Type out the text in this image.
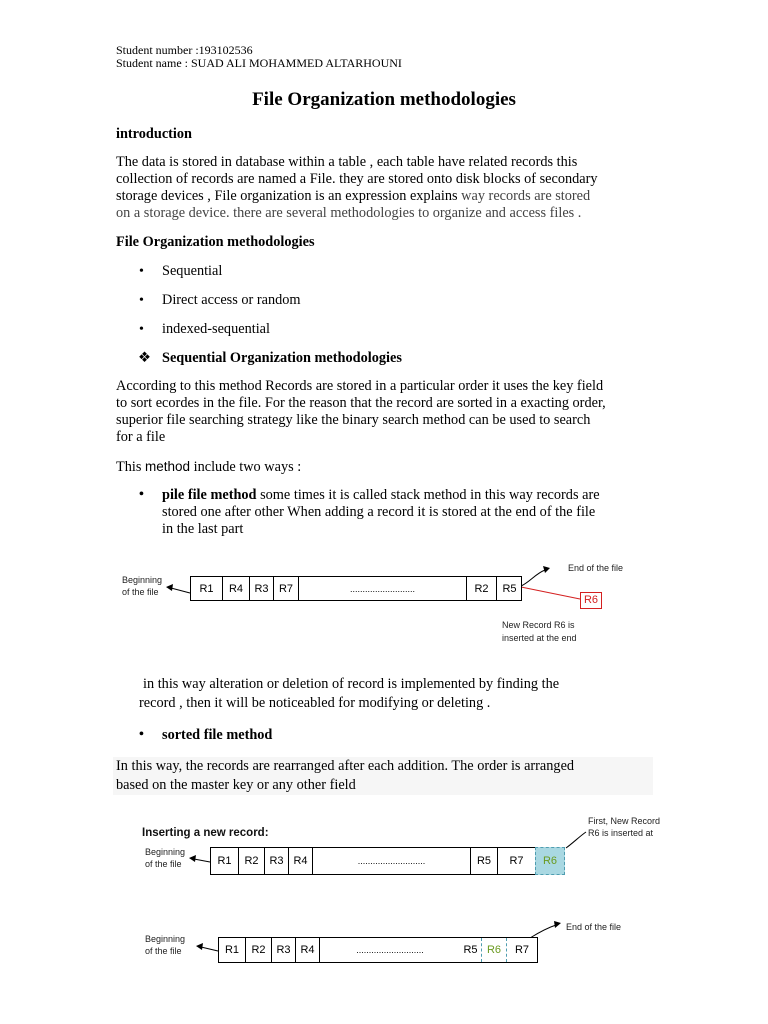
Student number :193102536
Student name : SUAD ALI MOHAMMED ALTARHOUNI
File Organization methodologies
introduction
The data is stored in database within a table , each table have related records this
collection of records are named a File. they are stored onto disk blocks of secondary
storage devices , File organization is an expression explains way records are stored
on a storage device. there are several methodologies to organize and access files .
File Organization methodologies
• Sequential
• Direct access or random
• indexed-sequential
❖ Sequential Organization methodologies
According to this method Records are stored in a particular order it uses the key field
to sort ecordes in the file. For the reason that the record are sorted in a exacting order,
superior file searching strategy like the binary search method can be used to search
for a file
This method include two ways :
• pile file method some times it is called stack method in this way records are
stored one after other When adding a record it is stored at the end of the file
in the last part
Beginning
of the file	R1	R4	R3 R7	..........................	R2	R5
End of the file
R6
New Record R6 is
inserted at the end
in this way alteration or deletion of record is implemented by finding the
record , then it will be noticeabled for modifying or deleting .
• sorted file method
In this way, the records are rearranged after each addition. The order is arranged
based on the master key or any other field
Inserting a new record:
First, New Record
R6 is inserted at
Beginning
of the file	R1	R2 R3 R4	...........................	R5	R7	R6
Beginning
of the file	R1	R2 R3 R4	...........................	R5 R6	R7
End of the file
